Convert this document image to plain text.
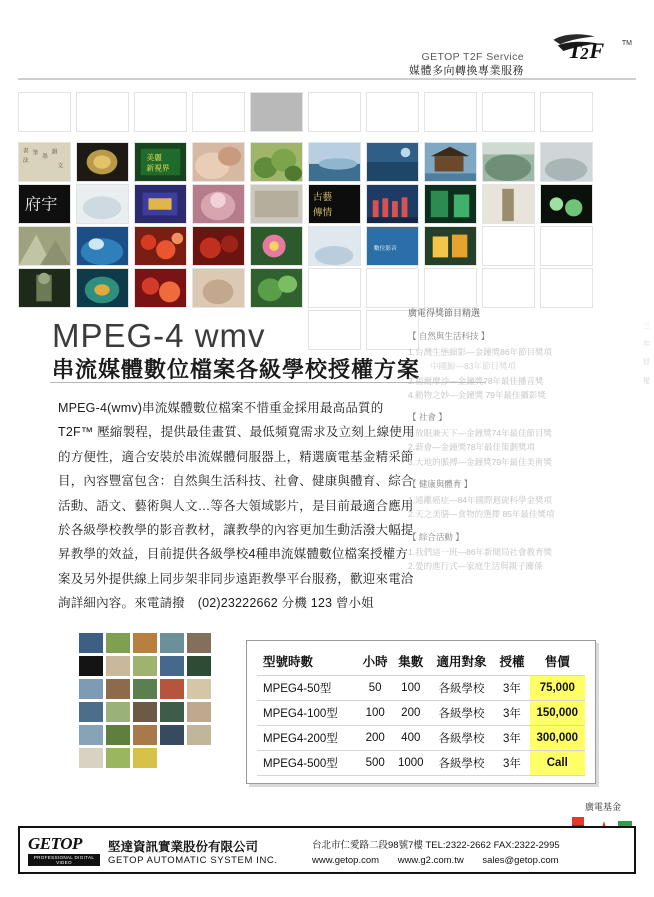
GETOP T2F Service
媒體多向轉換專業服務
T
2 F	TM
書
法
筆
墨
韻
文
美麗
新視界
府宇	古藝
傳情
數位影音
MPEG-4 wmv
串流媒體數位檔案各級學校授權方案
MPEG-4(wmv)串流媒體數位檔案不惜重金採用最高品質的 T2F™ 壓縮製程，提供最佳畫質、最低頻寬需求及立刻上線使用的方便性，適合安裝於串流媒體伺服器上，精選廣電基金精采節目，內容豐富包含：自然與生活科技、社會、健康與體育、綜合活動、語文、藝術與人文…等各大領域影片，是目前最適合應用於各級學校教學的影音教材，讓教學的內容更加生動活潑大幅提昇教學的效益，目前提供各級學校4種串流媒體數位檔案授權方案及另外提供線上同步架非同步遠距教學平台服務，歡迎來電洽詢詳細內容。來電請撥　(02)23222662 分機 123 曾小姐
廣電得獎節目精選
【 自然與生活科技 】
1.台灣生態縮影—金鐘獎86年節目獎項
中國鯨—83年節目獎項
2.福爾摩沙—金鐘獎78年最佳播音獎
4.動物之妙—金鐘獎 79年最佳攝影獎
【 社會 】
1.放眼兼天下—金鐘獎74年最佳節目獎
2.薪會—金鐘獎78年最佳策劃獎項
3.大地的脈搏—金鐘獎79年最佳美術獎
【 健康與體育 】
1.遠離癌症—84年國際迴旋科學金獎項
2.天之美膳—食物的選擇 85年最佳獎項
【 綜合活動 】
1.我們這一班—86年新聞局社會教育獎
2.愛的進行式—家庭生活與親子關係
三
年
授
權
型號時數	小時	集數	適用對象	授權	售價
MPEG4-50型	50	100	各級學校	3年	75,000
MPEG4-100型	100	200	各級學校	3年	150,000
MPEG4-200型	200	400	各級學校	3年	300,000
MPEG4-500型	500	1000	各級學校	3年	Call
廣電基金
GETOP
PROFESSIONAL DIGITAL VIDEO
堅達資訊實業股份有限公司
GETOP AUTOMATIC SYSTEM INC.
台北市仁愛路二段98號7樓 TEL:2322-2662 FAX:2322-2995
www.getop.com www.g2.com.tw sales@getop.com
